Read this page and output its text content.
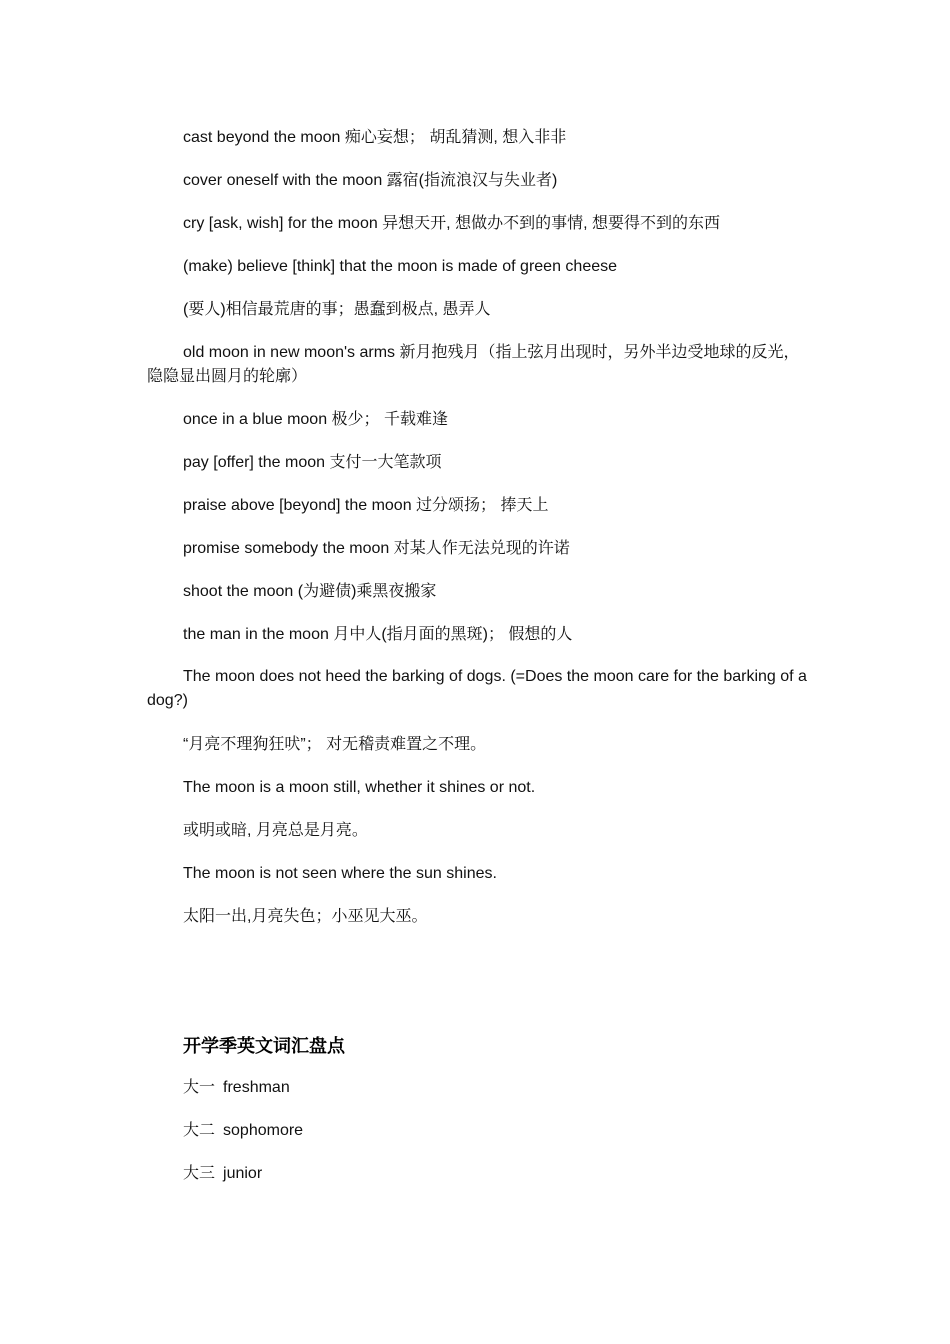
cast beyond the moon 痴心妄想； 胡乱猜测, 想入非非
cover oneself with the moon 露宿(指流浪汉与失业者)
cry [ask, wish] for the moon 异想天开, 想做办不到的事情, 想要得不到的东西
(make) believe [think] that the moon is made of green cheese
(要人)相信最荒唐的事；愚蠢到极点, 愚弄人
old moon in new moon's arms 新月抱残月（指上弦月出现时，另外半边受地球的反光，隐隐显出圆月的轮廓）
once in a blue moon 极少； 千载难逢
pay [offer] the moon 支付一大笔款项
praise above [beyond] the moon 过分颂扬； 捧天上
promise somebody the moon 对某人作无法兑现的许诺
shoot the moon (为避债)乘黑夜搬家
the man in the moon 月中人(指月面的黑斑)； 假想的人
The moon does not heed the barking of dogs. (=Does the moon care for the barking of a dog?)
“月亮不理狗狂吠”； 对无稽责难置之不理。
The moon is a moon still, whether it shines or not.
或明或暗, 月亮总是月亮。
The moon is not seen where the sun shines.
太阳一出,月亮失色；小巫见大巫。
开学季英文词汇盘点
大一 freshman
大二 sophomore
大三 junior
